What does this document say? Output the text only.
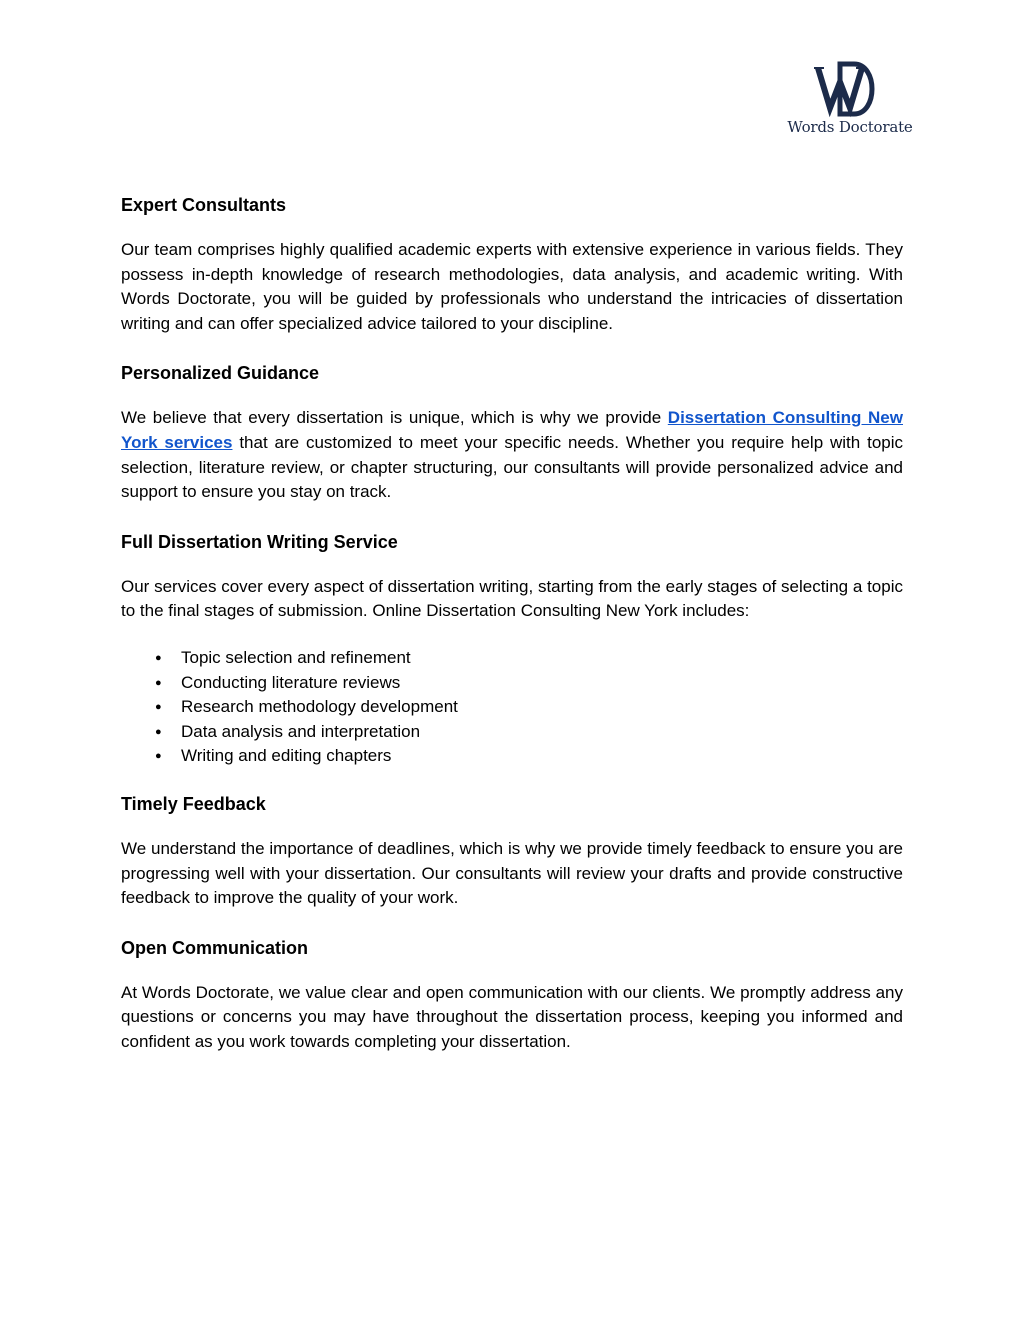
Words Doctorate
Expert Consultants

Our team comprises highly qualified academic experts with extensive experience in various fields. They possess in-depth knowledge of research methodologies, data analysis, and academic writing. With Words Doctorate, you will be guided by professionals who understand the intricacies of dissertation writing and can offer specialized advice tailored to your discipline.

Personalized Guidance

We believe that every dissertation is unique, which is why we provide Dissertation Consulting New York services that are customized to meet your specific needs. Whether you require help with topic selection, literature review, or chapter structuring, our consultants will provide personalized advice and support to ensure you stay on track.

Full Dissertation Writing Service

Our services cover every aspect of dissertation writing, starting from the early stages of selecting a topic to the final stages of submission. Online Dissertation Consulting New York includes:

● Topic selection and refinement
● Conducting literature reviews
● Research methodology development
● Data analysis and interpretation
● Writing and editing chapters
Timely Feedback

We understand the importance of deadlines, which is why we provide timely feedback to ensure you are progressing well with your dissertation. Our consultants will review your drafts and provide constructive feedback to improve the quality of your work.

Open Communication

At Words Doctorate, we value clear and open communication with our clients. We promptly address any questions or concerns you may have throughout the dissertation process, keeping you informed and confident as you work towards completing your dissertation.
